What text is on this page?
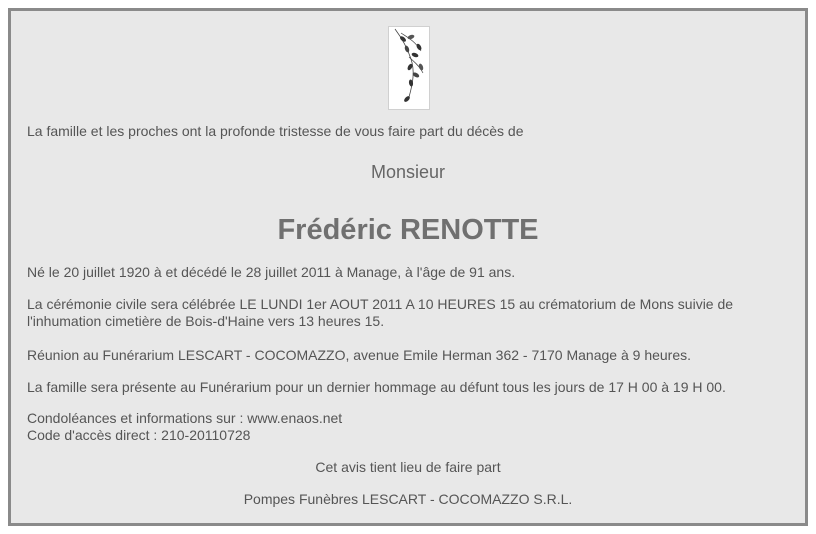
La famille et les proches ont la profonde tristesse de vous faire part du décès de
Monsieur
Frédéric RENOTTE
Né le 20 juillet 1920 à et décédé le 28 juillet 2011 à Manage, à l'âge de 91 ans.
La cérémonie civile sera célébrée LE LUNDI 1er AOUT 2011 A 10 HEURES 15 au crématorium de Mons suivie de
l'inhumation cimetière de Bois-d'Haine vers 13 heures 15.
Réunion au Funérarium LESCART - COCOMAZZO, avenue Emile Herman 362 - 7170 Manage à 9 heures.
La famille sera présente au Funérarium pour un dernier hommage au défunt tous les jours de 17 H 00 à 19 H 00.
Condoléances et informations sur : www.enaos.net
Code d'accès direct : 210-20110728
Cet avis tient lieu de faire part
Pompes Funèbres LESCART - COCOMAZZO S.R.L.
